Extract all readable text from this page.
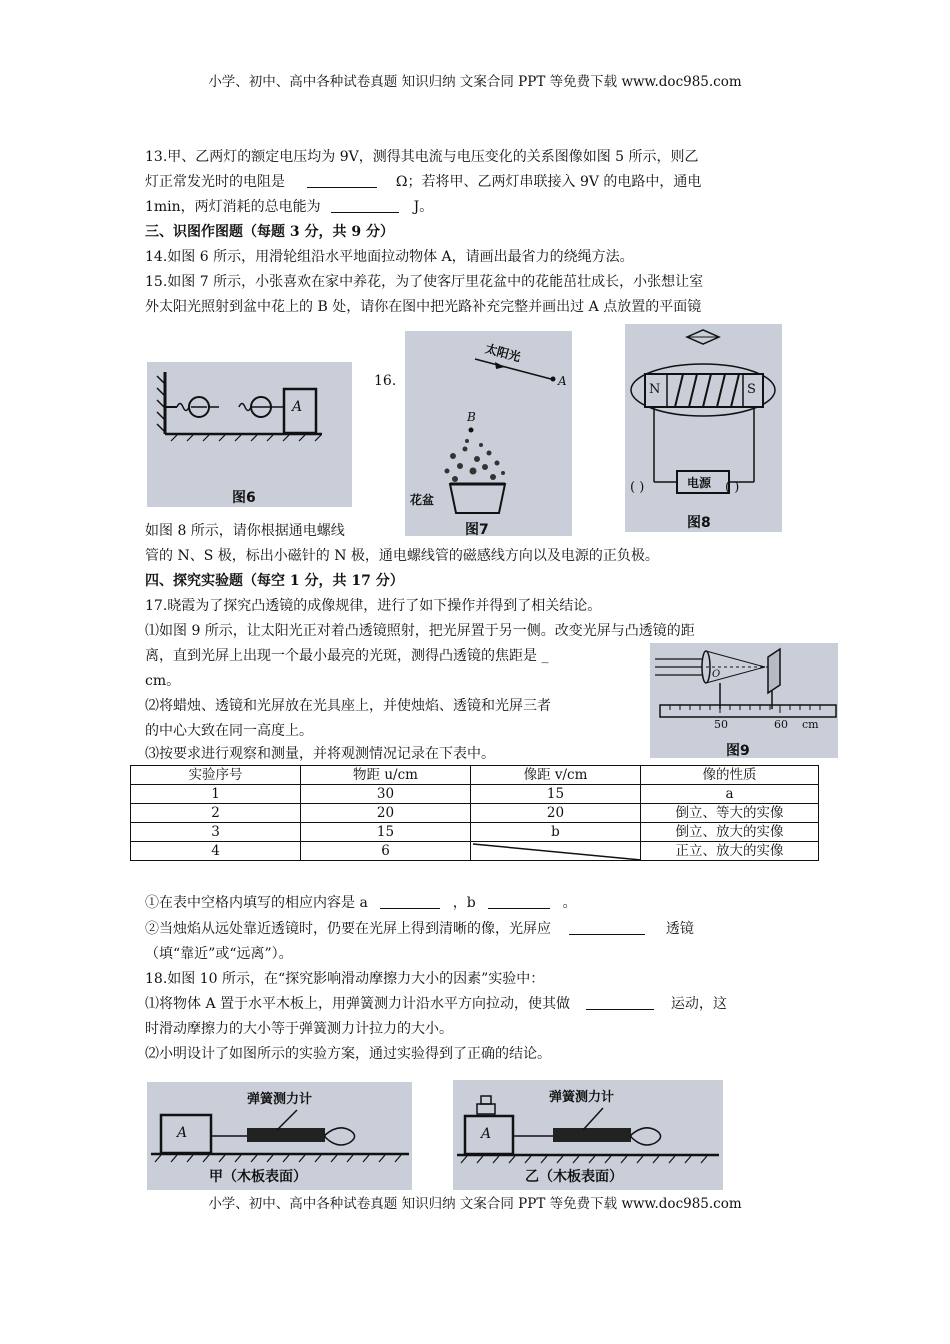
小学、初中、高中各种试卷真题 知识归纳 文案合同 PPT 等免费下载 www.doc985.com
13.甲、乙两灯的额定电压均为 9V，测得其电流与电压变化的关系图像如图 5 所示，则乙
灯正常发光时的电阻是	Ω；若将甲、乙两灯串联接入 9V 的电路中，通电
1min，两灯消耗的总电能为	J。
三、识图作图题（每题 3 分，共 9 分）
14.如图 6 所示，用滑轮组沿水平地面拉动物体 A，请画出最省力的绕绳方法。
15.如图 7 所示，小张喜欢在家中养花，为了使客厅里花盆中的花能茁壮成长，小张想让室
外太阳光照射到盆中花上的 B 处，请你在图中把光路补充完整并画出过 A 点放置的平面镜
A
图6
16.
太阳光
A
B
花盆
图7
N	S
电源
( )	( )
图8
如图 8 所示，请你根据通电螺线
管的 N、S 极，标出小磁针的 N 极，通电螺线管的磁感线方向以及电源的正负极。
四、探究实验题（每空 1 分，共 17 分）
17.晓霞为了探究凸透镜的成像规律，进行了如下操作并得到了相关结论。
⑴如图 9 所示，让太阳光正对着凸透镜照射，把光屏置于另一侧。改变光屏与凸透镜的距
离，直到光屏上出现一个最小最亮的光斑，测得凸透镜的焦距是 _
cm。
⑵将蜡烛、透镜和光屏放在光具座上，并使烛焰、透镜和光屏三者
的中心大致在同一高度上。
⑶按要求进行观察和测量，并将观测情况记录在下表中。
O
50	60 cm
图9
实验序号	物距 u/cm	像距 v/cm	像的性质
1	30	15	a
2	20	20	倒立、等大的实像
3	15	b	倒立、放大的实像
4	6		正立、放大的实像
①在表中空格内填写的相应内容是 a	，b	。
②当烛焰从远处靠近透镜时，仍要在光屏上得到清晰的像，光屏应	透镜
（填“靠近”或“远离”）。
18.如图 10 所示，在“探究影响滑动摩擦力大小的因素”实验中：
⑴将物体 A 置于水平木板上，用弹簧测力计沿水平方向拉动，使其做	运动，这
时滑动摩擦力的大小等于弹簧测力计拉力的大小。
⑵小明设计了如图所示的实验方案，通过实验得到了正确的结论。
A
弹簧测力计
甲（木板表面）
A
弹簧测力计
乙（木板表面）
小学、初中、高中各种试卷真题 知识归纳 文案合同 PPT 等免费下载 www.doc985.com
